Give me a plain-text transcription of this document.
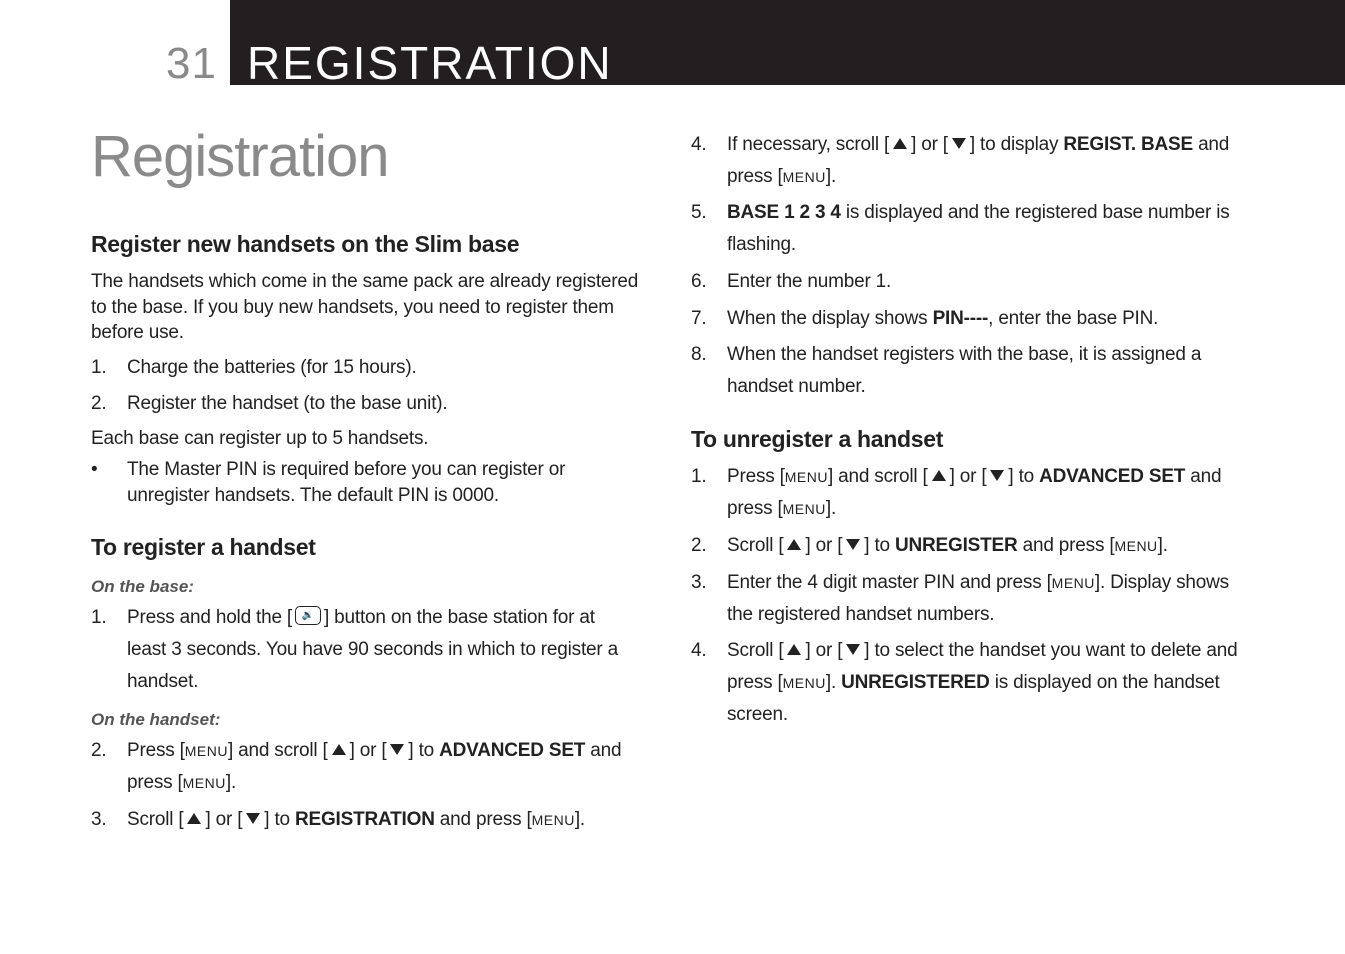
31 REGISTRATION
Registration
Register new handsets on the Slim base

The handsets which come in the same pack are already registered to the base. If you buy new handsets, you need to register them before use.

1.	Charge the batteries (for 15 hours).
2.	Register the handset (to the base unit).

Each base can register up to 5 handsets.

•	The Master PIN is required before you can register or unregister handsets. The default PIN is 0000.
To register a handset

On the base:

1.	Press and hold the [ 🔉 ] button on the base station for at least 3 seconds. You have 90 seconds in which to register a handset.

On the handset:

2.	Press [MENU] and scroll [ ] or [ ] to ADVANCED SET and press [MENU].
3.	Scroll [ ] or [ ] to REGISTRATION and press [MENU].
4.	If necessary, scroll [ ] or [ ] to display REGIST. BASE and press [MENU].
5.	BASE 1 2 3 4 is displayed and the registered base number is flashing.
6.	Enter the number 1.
7.	When the display shows PIN----, enter the base PIN.
8.	When the handset registers with the base, it is assigned a handset number.
To unregister a handset
1.	Press [MENU] and scroll [ ] or [ ] to ADVANCED SET and press [MENU].
2.	Scroll [ ] or [ ] to UNREGISTER and press [MENU].
3.	Enter the 4 digit master PIN and press [MENU]. Display shows the registered handset numbers.
4.	Scroll [ ] or [ ] to select the handset you want to delete and press [MENU]. UNREGISTERED is displayed on the handset screen.
